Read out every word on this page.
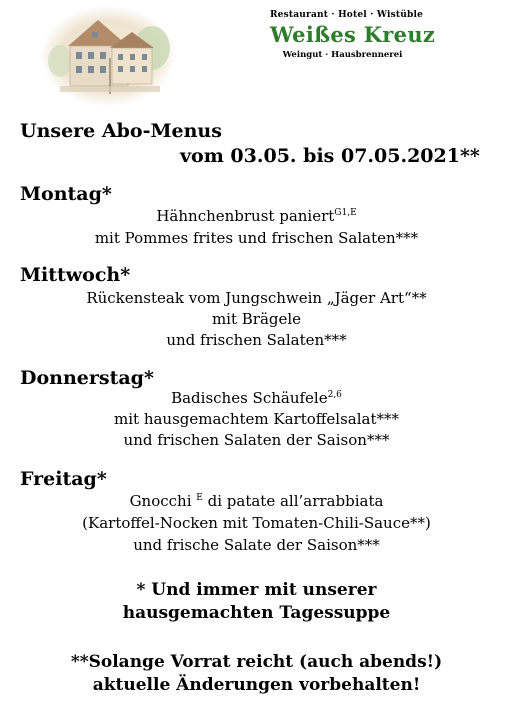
Restaurant · Hotel · Wistüble
Weißes Kreuz
Weingut · Hausbrennerei
Unsere Abo-Menus
vom 03.05. bis 07.05.2021**
Montag*
Hähnchenbrust paniert$^{G1,E}$
mit Pommes frites und frischen Salaten***
Mittwoch*
Rückensteak vom Jungschwein „Jäger Art“**
mit Brägele
und frischen Salaten***
Donnerstag*
Badisches Schäufele$^{2,6}$
mit hausgemachtem Kartoffelsalat***
und frischen Salaten der Saison***
Freitag*
Gnocchi $^E$ di patate all’arrabbiata
(Kartoffel-Nocken mit Tomaten-Chili-Sauce**)
und frische Salate der Saison***
* Und immer mit unserer
hausgemachten Tagessuppe
**Solange Vorrat reicht (auch abends!)
aktuelle Änderungen vorbehalten!
